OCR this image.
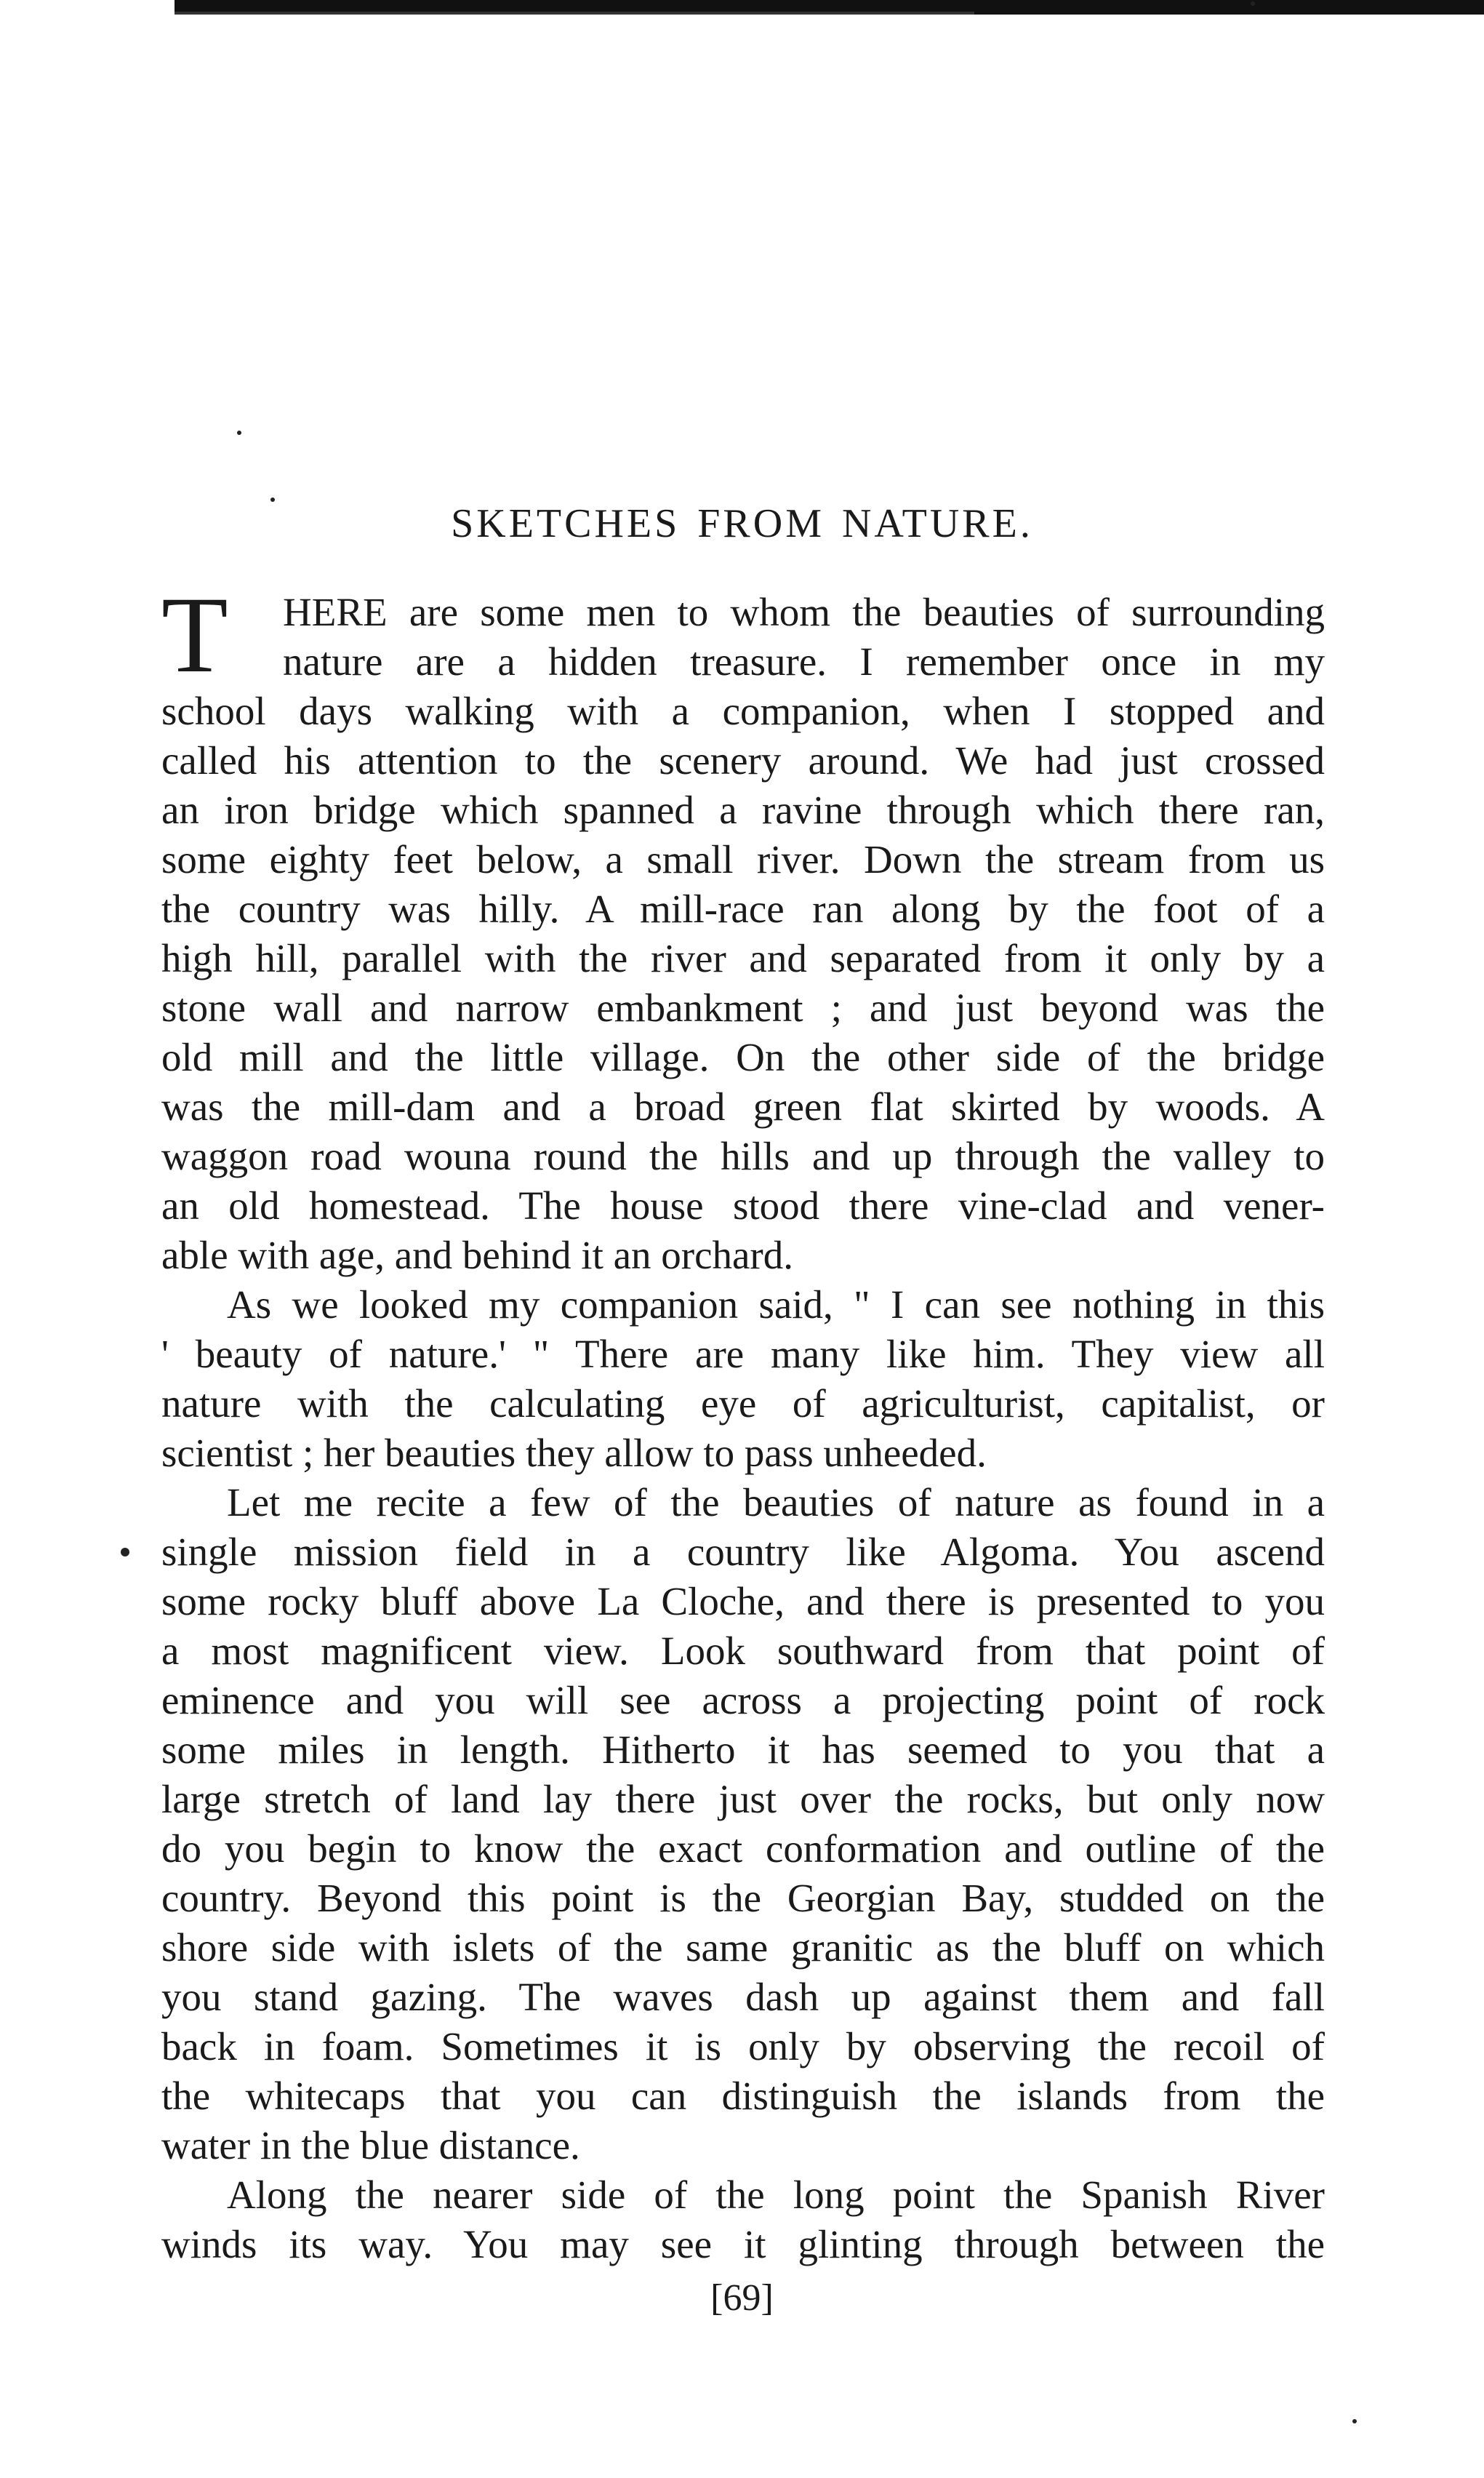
SKETCHES FROM NATURE.
T HERE are some men to whom the beauties of surrounding
nature are a hidden treasure. I remember once in my
school days walking with a companion, when I stopped and
called his attention to the scenery around. We had just crossed
an iron bridge which spanned a ravine through which there ran,
some eighty feet below, a small river. Down the stream from us
the country was hilly. A mill-race ran along by the foot of a
high hill, parallel with the river and separated from it only by a
stone wall and narrow embankment ; and just beyond was the
old mill and the little village. On the other side of the bridge
was the mill-dam and a broad green flat skirted by woods. A
waggon road wouna round the hills and up through the valley to
an old homestead. The house stood there vine-clad and vener-
able with age, and behind it an orchard.
As we looked my companion said, " I can see nothing in this
' beauty of nature.' " There are many like him. They view all
nature with the calculating eye of agriculturist, capitalist, or
scientist ; her beauties they allow to pass unheeded.
Let me recite a few of the beauties of nature as found in a
single mission field in a country like Algoma. You ascend
some rocky bluff above La Cloche, and there is presented to you
a most magnificent view. Look southward from that point of
eminence and you will see across a projecting point of rock
some miles in length. Hitherto it has seemed to you that a
large stretch of land lay there just over the rocks, but only now
do you begin to know the exact conformation and outline of the
country. Beyond this point is the Georgian Bay, studded on the
shore side with islets of the same granitic as the bluff on which
you stand gazing. The waves dash up against them and fall
back in foam. Sometimes it is only by observing the recoil of
the whitecaps that you can distinguish the islands from the
water in the blue distance.
Along the nearer side of the long point the Spanish River
winds its way. You may see it glinting through between the
[69]
